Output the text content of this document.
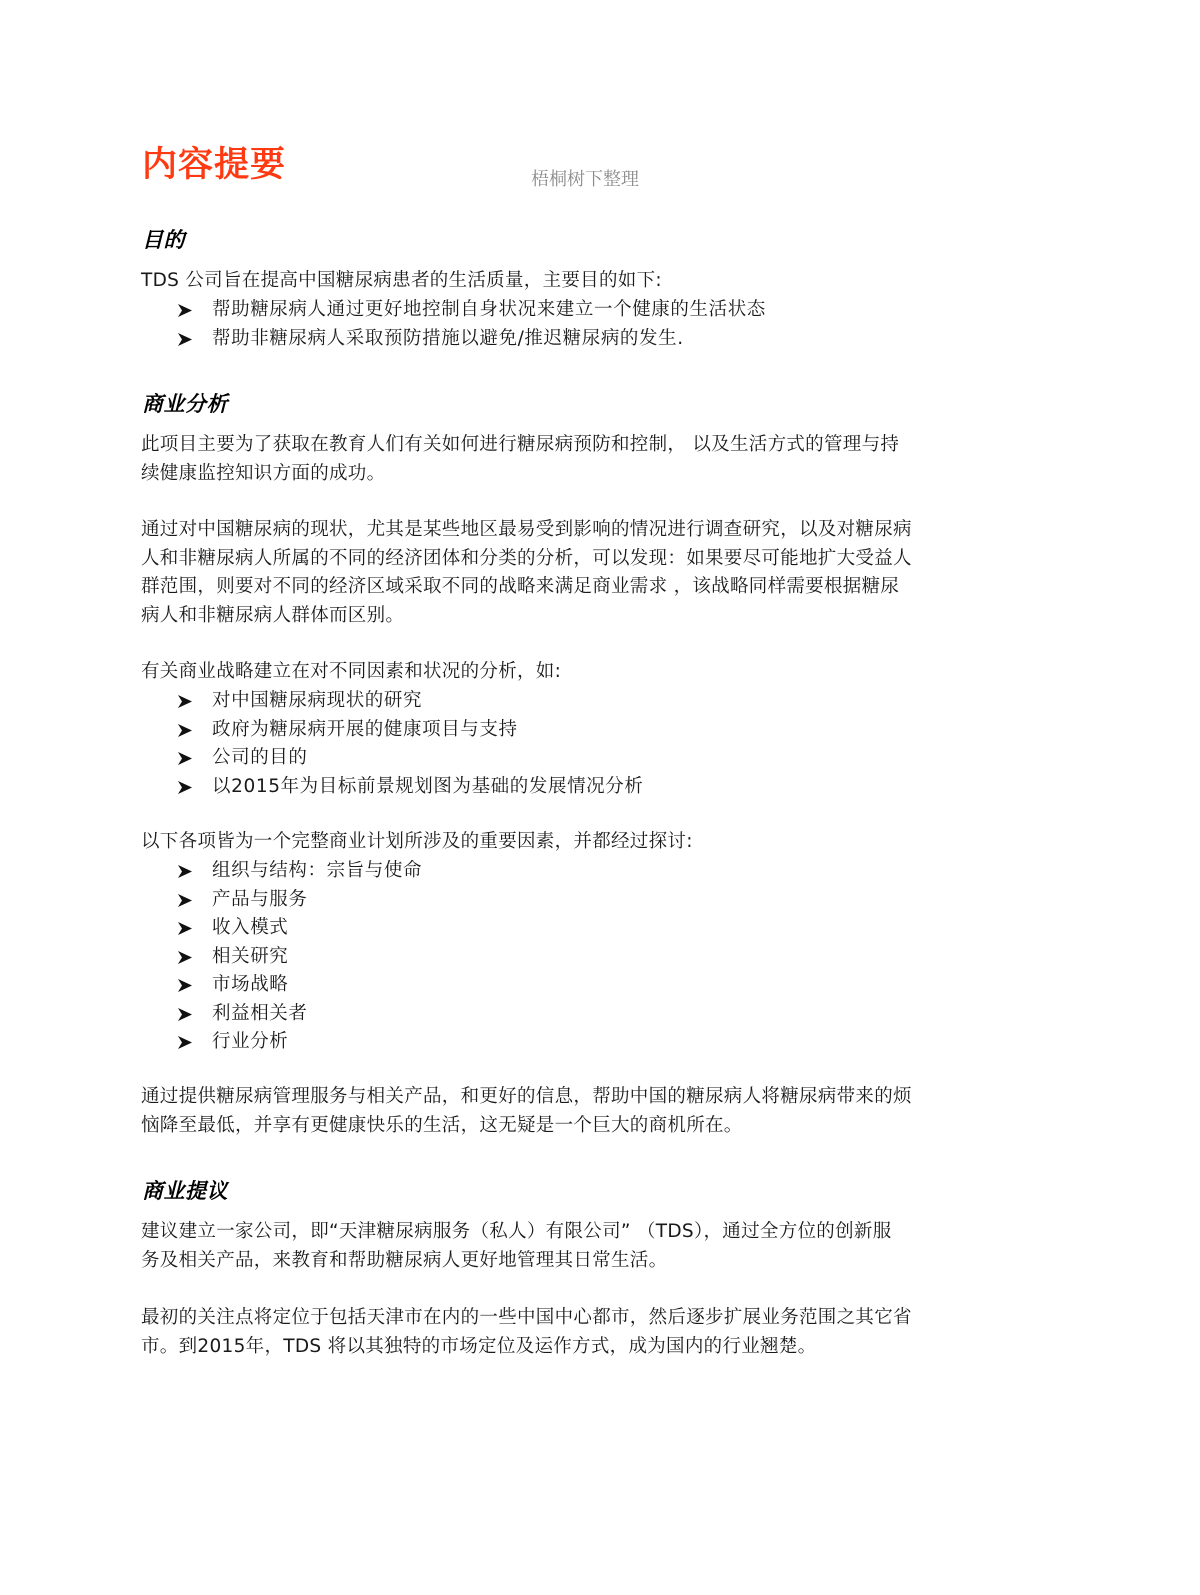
内容提要	梧桐树下整理
目的
TDS 公司旨在提高中国糖尿病患者的生活质量，主要目的如下:
帮助糖尿病人通过更好地控制自身状况来建立一个健康的生活状态
帮助非糖尿病人采取预防措施以避免/推迟糖尿病的发生.
商业分析
此项目主要为了获取在教育人们有关如何进行糖尿病预防和控制， 以及生活方式的管理与持
续健康监控知识方面的成功。
通过对中国糖尿病的现状，尤其是某些地区最易受到影响的情况进行调查研究，以及对糖尿病
人和非糖尿病人所属的不同的经济团体和分类的分析，可以发现：如果要尽可能地扩大受益人
群范围，则要对不同的经济区域采取不同的战略来满足商业需求 ，该战略同样需要根据糖尿
病人和非糖尿病人群体而区别。
有关商业战略建立在对不同因素和状况的分析，如:
对中国糖尿病现状的研究
政府为糖尿病开展的健康项目与支持
公司的目的
以2015年为目标前景规划图为基础的发展情况分析
以下各项皆为一个完整商业计划所涉及的重要因素，并都经过探讨:
组织与结构：宗旨与使命
产品与服务
收入模式
相关研究
市场战略
利益相关者
行业分析
通过提供糖尿病管理服务与相关产品，和更好的信息，帮助中国的糖尿病人将糖尿病带来的烦
恼降至最低，并享有更健康快乐的生活，这无疑是一个巨大的商机所在。
商业提议
建议建立一家公司，即“天津糖尿病服务（私人）有限公司” （TDS），通过全方位的创新服
务及相关产品，来教育和帮助糖尿病人更好地管理其日常生活。
最初的关注点将定位于包括天津市在内的一些中国中心都市，然后逐步扩展业务范围之其它省
市。到2015年，TDS 将以其独特的市场定位及运作方式，成为国内的行业翘楚。
